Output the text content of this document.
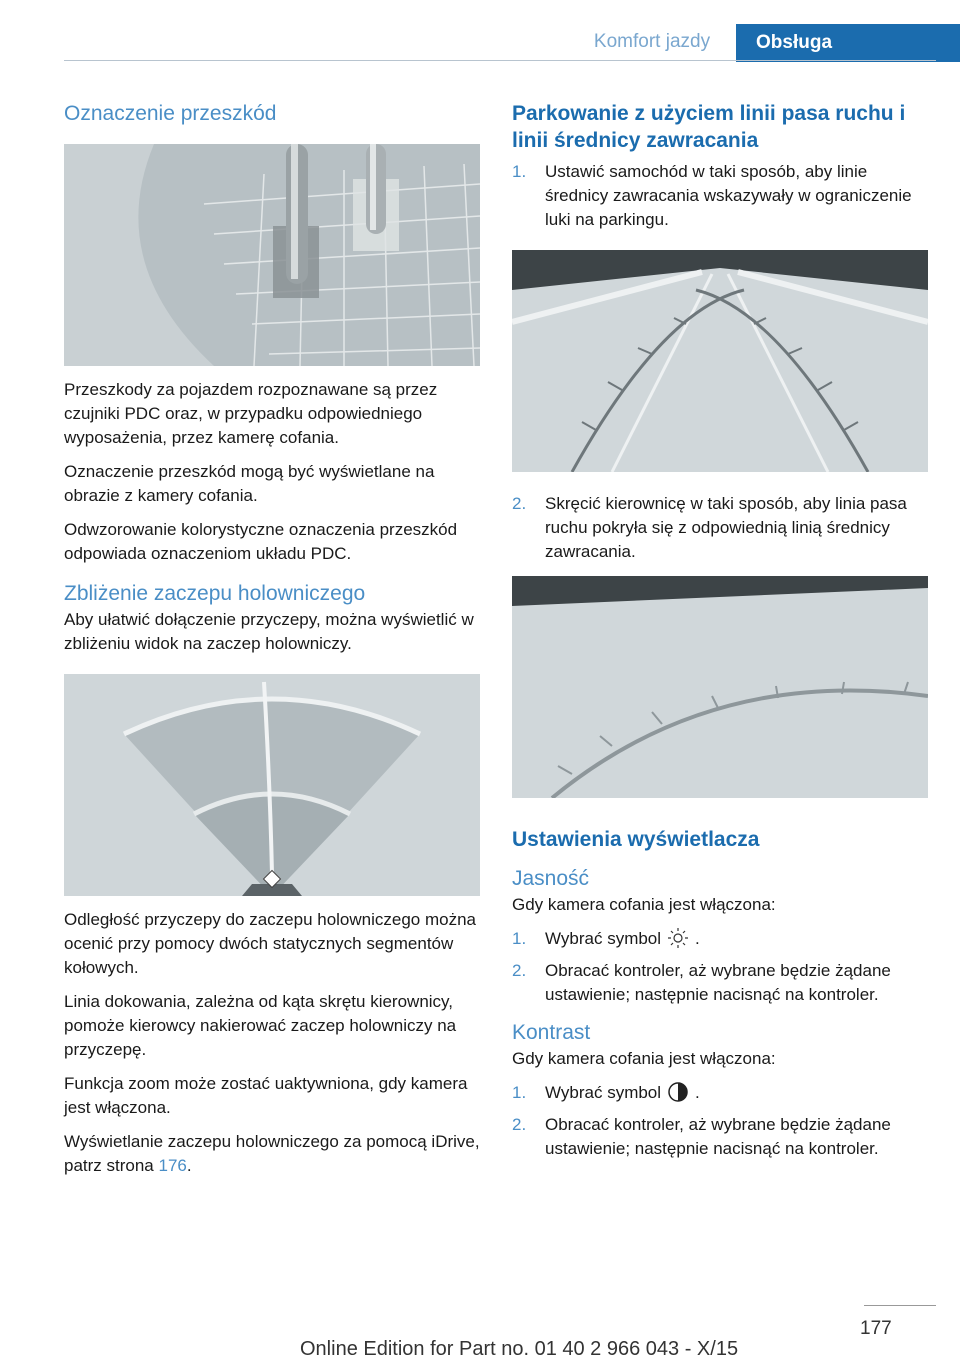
Komfort jazdy	Obsługa
Oznaczenie przeszkód

Przeszkody za pojazdem rozpoznawane są przez czujniki PDC oraz, w przypadku odpowiedniego wyposażenia, przez kamerę cofania.

Oznaczenie przeszkód mogą być wyświetlane na obrazie z kamery cofania.

Odwzorowanie kolorystyczne oznaczenia przeszkód odpowiada oznaczeniom układu PDC.

Zbliżenie zaczepu holowniczego

Aby ułatwić dołączenie przyczepy, można wyświetlić w zbliżeniu widok na zaczep holowniczy.

Odległość przyczepy do zaczepu holowniczego można ocenić przy pomocy dwóch statycznych segmentów kołowych.

Linia dokowania, zależna od kąta skrętu kierownicy, pomoże kierowcy nakierować zaczep holowniczy na przyczepę.

Funkcja zoom może zostać uaktywniona, gdy kamera jest włączona.

Wyświetlanie zaczepu holowniczego za pomocą iDrive, patrz strona 176.

Parkowanie z użyciem linii pasa ruchu i linii średnicy zawracania
1. Ustawić samochód w taki sposób, aby linie średnicy zawracania wskazywały w ograniczenie luki na parkingu.
2. Skręcić kierownicę w taki sposób, aby linia pasa ruchu pokryła się z odpowiednią linią średnicy zawracania.
Ustawienia wyświetlacza
Jasność

Gdy kamera cofania jest włączona:

1. Wybrać symbol .
2. Obracać kontroler, aż wybrane będzie żądane ustawienie; następnie nacisnąć na kontroler.
Kontrast

Gdy kamera cofania jest włączona:

1. Wybrać symbol .
2. Obracać kontroler, aż wybrane będzie żądane ustawienie; następnie nacisnąć na kontroler.
177
Online Edition for Part no. 01 40 2 966 043 - X/15
